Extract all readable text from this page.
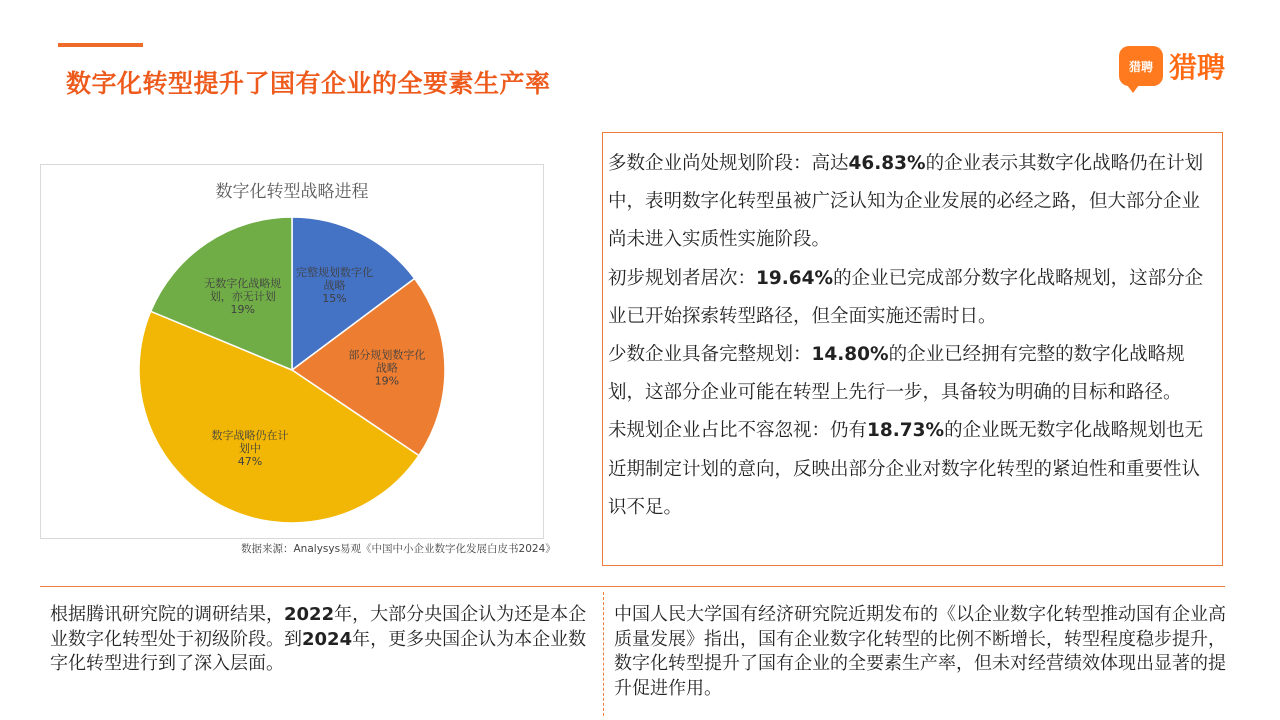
数字化转型提升了国有企业的全要素生产率
猎聘 猎聘
数字化转型战略进程
完整规划数字化战略 15%
部分规划数字化战略 19%
数字战略仍在计划中 47%
无数字化战略规划，亦无计划 19%
数据来源：Analysys易观《中国中小企业数字化发展白皮书2024》

多数企业尚处规划阶段：高达46.83%的企业表示其数字化战略仍在计划中，表明数字化转型虽被广泛认知为企业发展的必经之路，但大部分企业尚未进入实质性实施阶段。

初步规划者居次：19.64%的企业已完成部分数字化战略规划，这部分企业已开始探索转型路径，但全面实施还需时日。

少数企业具备完整规划：14.80%的企业已经拥有完整的数字化战略规划，这部分企业可能在转型上先行一步，具备较为明确的目标和路径。

未规划企业占比不容忽视：仍有18.73%的企业既无数字化战略规划也无近期制定计划的意向，反映出部分企业对数字化转型的紧迫性和重要性认识不足。

根据腾讯研究院的调研结果，2022年，大部分央国企认为还是本企业数字化转型处于初级阶段。到2024年，更多央国企认为本企业数字化转型进行到了深入层面。
中国人民大学国有经济研究院近期发布的《以企业数字化转型推动国有企业高质量发展》指出，国有企业数字化转型的比例不断增长，转型程度稳步提升，数字化转型提升了国有企业的全要素生产率，但未对经营绩效体现出显著的提升促进作用。
